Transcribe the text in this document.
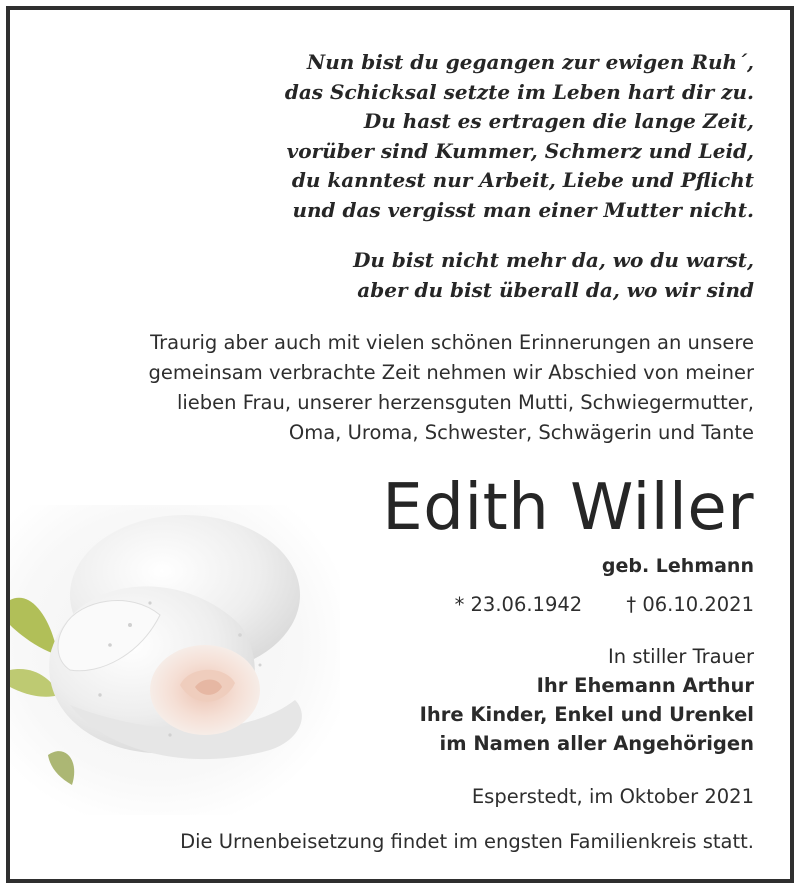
Nun bist du gegangen zur ewigen Ruh´,

das Schicksal setzte im Leben hart dir zu.

Du hast es ertragen die lange Zeit,

vorüber sind Kummer, Schmerz und Leid,

du kanntest nur Arbeit, Liebe und Pflicht

und das vergisst man einer Mutter nicht.

Du bist nicht mehr da, wo du warst,

aber du bist überall da, wo wir sind

Traurig aber auch mit vielen schönen Erinnerungen an unsere

gemeinsam verbrachte Zeit nehmen wir Abschied von meiner

lieben Frau, unserer herzensguten Mutti, Schwiegermutter,

Oma, Uroma, Schwester, Schwägerin und Tante

Edith Willer
geb. Lehmann
* 23.06.1942 † 06.10.2021

In stiller Trauer

Ihr Ehemann Arthur

Ihre Kinder, Enkel und Urenkel

im Namen aller Angehörigen

Esperstedt, im Oktober 2021
Die Urnenbeisetzung findet im engsten Familienkreis statt.
